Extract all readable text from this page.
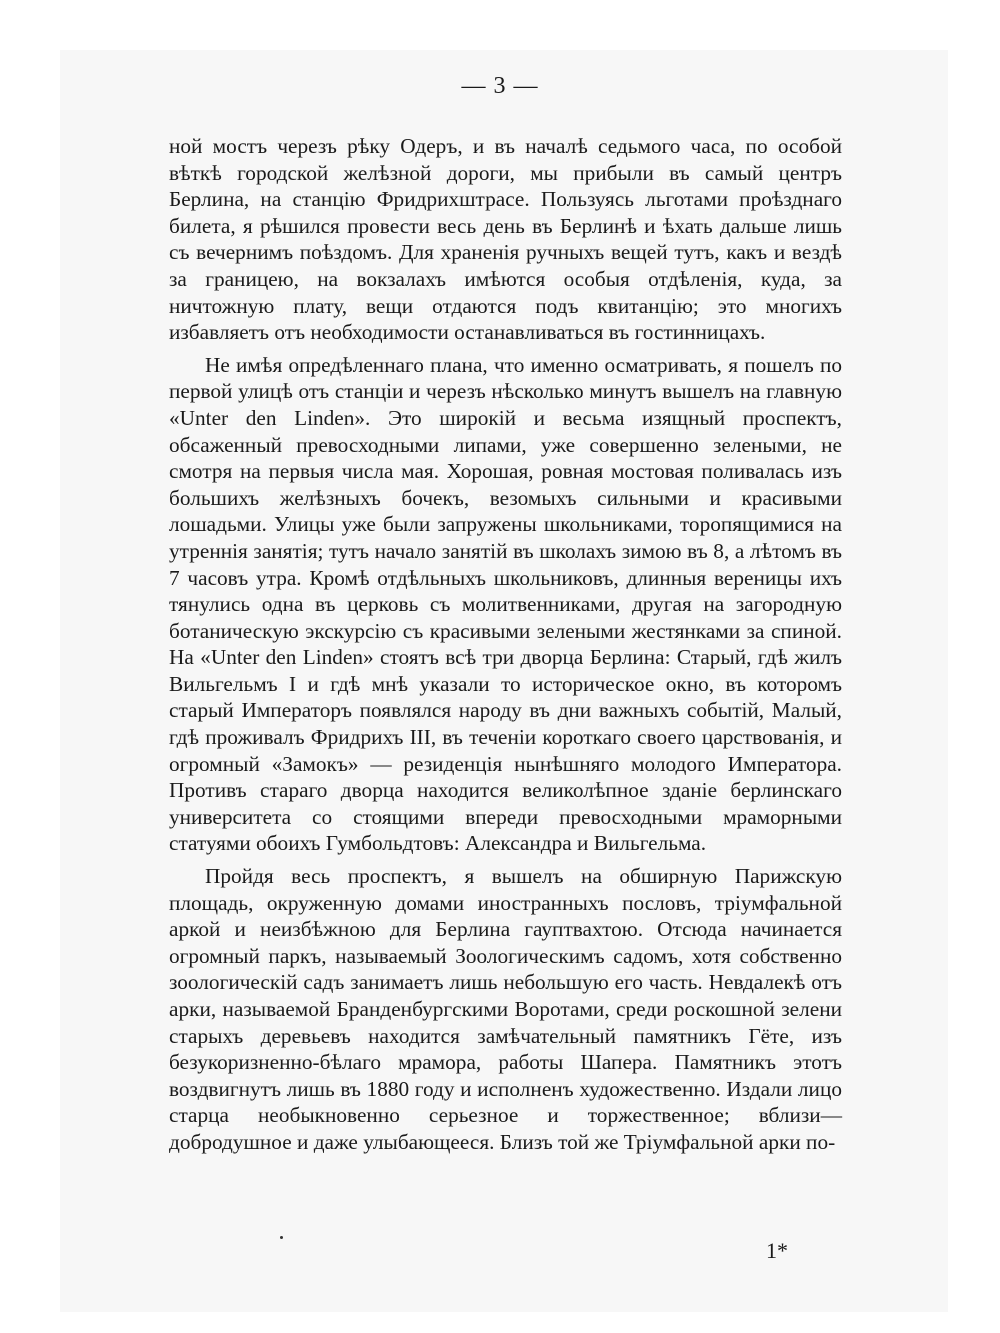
— 3 —

ной мостъ черезъ рѣку Одеръ, и въ началѣ седьмого часа, по особой вѣткѣ городской желѣзной дороги, мы прибыли въ самый центръ Берлина, на станцію Фридрихштрасе. Пользуясь льготами проѣзднаго билета, я рѣшился провести весь день въ Берлинѣ и ѣхать дальше лишь съ вечернимъ поѣздомъ. Для храненія ручныхъ вещей тутъ, какъ и вездѣ за границею, на вокзалахъ имѣются особыя отдѣленія, куда, за ничтожную плату, вещи отдаются подъ квитанцію; это многихъ избавляетъ отъ необходимости останавливаться въ гостинницахъ.

Не имѣя опредѣленнаго плана, что именно осматривать, я пошелъ по первой улицѣ отъ станціи и черезъ нѣсколько минутъ вышелъ на главную «Unter den Linden». Это широкій и весьма изящный проспектъ, обсаженный превосходными липами, уже совершенно зелеными, не смотря на первыя числа мая. Хорошая, ровная мостовая поливалась изъ большихъ желѣзныхъ бочекъ, везомыхъ сильными и красивыми лошадьми. Улицы уже были запружены школьниками, торопящимися на утреннія занятія; тутъ начало занятій въ школахъ зимою въ 8, а лѣтомъ въ 7 часовъ утра. Кромѣ отдѣльныхъ школьниковъ, длинныя вереницы ихъ тянулись одна въ церковь съ молитвенниками, другая на загородную ботаническую экскурсію съ красивыми зелеными жестянками за спиной. На «Unter den Linden» стоятъ всѣ три дворца Берлина: Старый, гдѣ жилъ Вильгельмъ I и гдѣ мнѣ указали то историческое окно, въ которомъ старый Императоръ появлялся народу въ дни важныхъ событій, Малый, гдѣ проживалъ Фридрихъ III, въ теченіи короткаго своего царствованія, и огромный «Замокъ» — резиденція нынѣшняго молодого Императора. Противъ стараго дворца находится великолѣпное зданіе берлинскаго университета со стоящими впереди превосходными мраморными статуями обоихъ Гумбольдтовъ: Александра и Вильгельма.

Пройдя весь проспектъ, я вышелъ на обширную Парижскую площадь, окруженную домами иностранныхъ пословъ, тріумфальной аркой и неизбѣжною для Берлина гауптвахтою. Отсюда начинается огромный паркъ, называемый Зоологическимъ садомъ, хотя собственно зоологическій садъ занимаетъ лишь небольшую его часть. Невдалекѣ отъ арки, называемой Бранденбургскими Воротами, среди роскошной зелени старыхъ деревьевъ находится замѣчательный памятникъ Гёте, изъ безукоризненно-бѣлаго мрамора, работы Шапера. Памятникъ этотъ воздвигнутъ лишь въ 1880 году и исполненъ художественно. Издали лицо старца необыкновенно серьезное и торжественное; вблизи—добродушное и даже улыбающееся. Близъ той же Тріумфальной арки по-

1*
